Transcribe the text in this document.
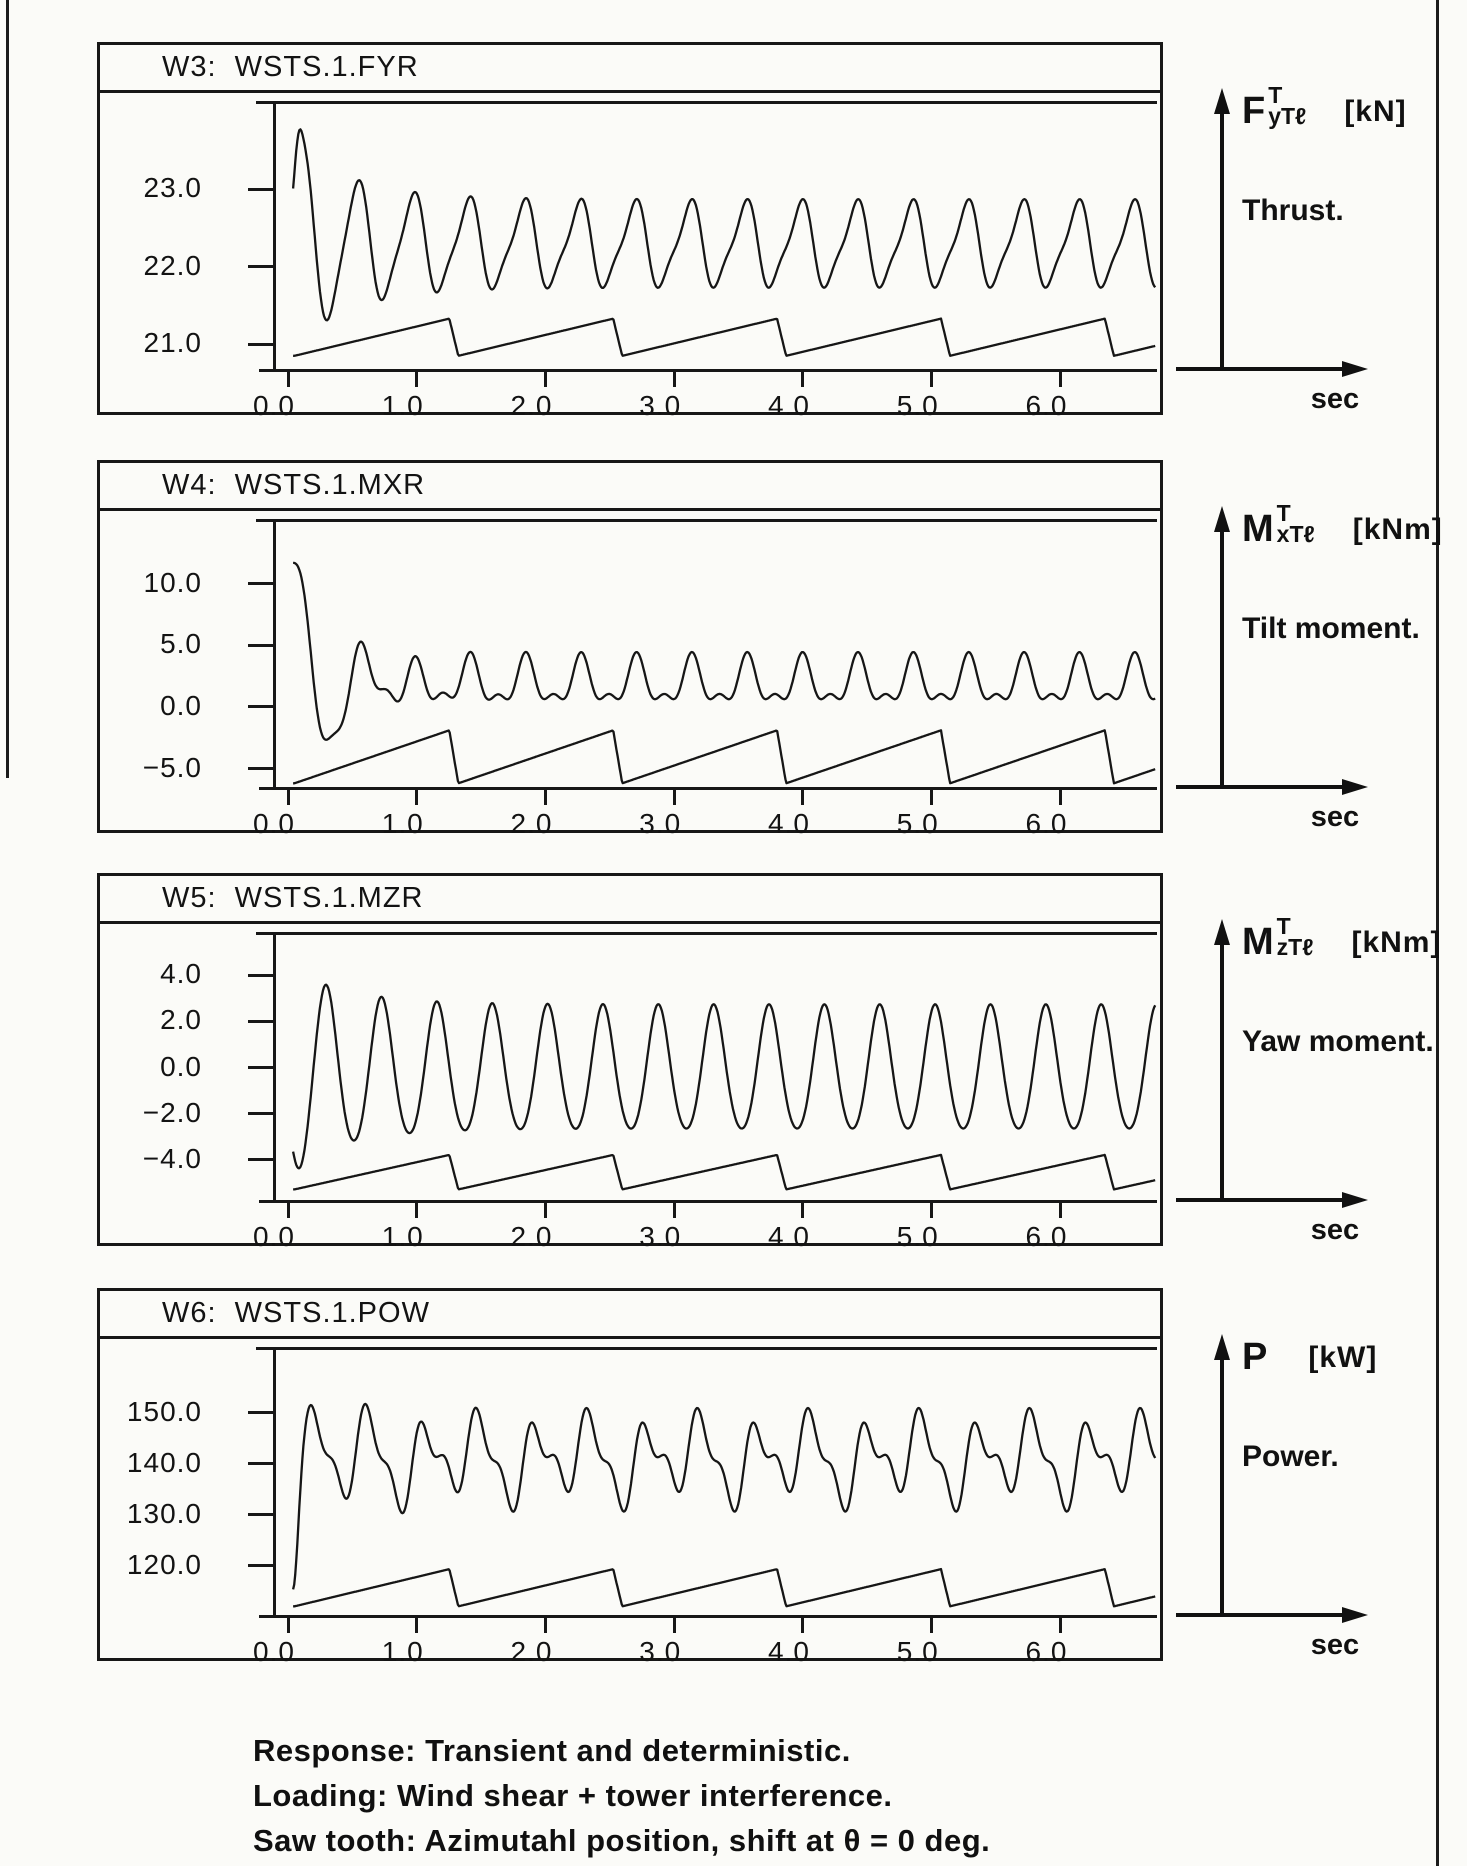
W3:  WSTS.1.FYR
23.0
22.0
21.0
0.0	1.0	2.0	3.0	4.0	5.0	6.0
F T
yTℓ [kN]
Thrust.
sec
W4:  WSTS.1.MXR
10.0
5.0
0.0
−5.0
0.0	1.0	2.0	3.0	4.0	5.0	6.0
M T
xTℓ [kNm]
Tilt moment.
sec
W5:  WSTS.1.MZR
4.0
2.0
0.0
−2.0
−4.0
0.0	1.0	2.0	3.0	4.0	5.0	6.0
M T
zTℓ [kNm]
Yaw moment.
sec
W6:  WSTS.1.POW
150.0
140.0
130.0
120.0
0.0	1.0	2.0	3.0	4.0	5.0	6.0
P [kW]
Power.
sec
Response: Transient and deterministic.
Loading: Wind shear + tower interference.
Saw tooth: Azimutahl position, shift at θ = 0 deg.
